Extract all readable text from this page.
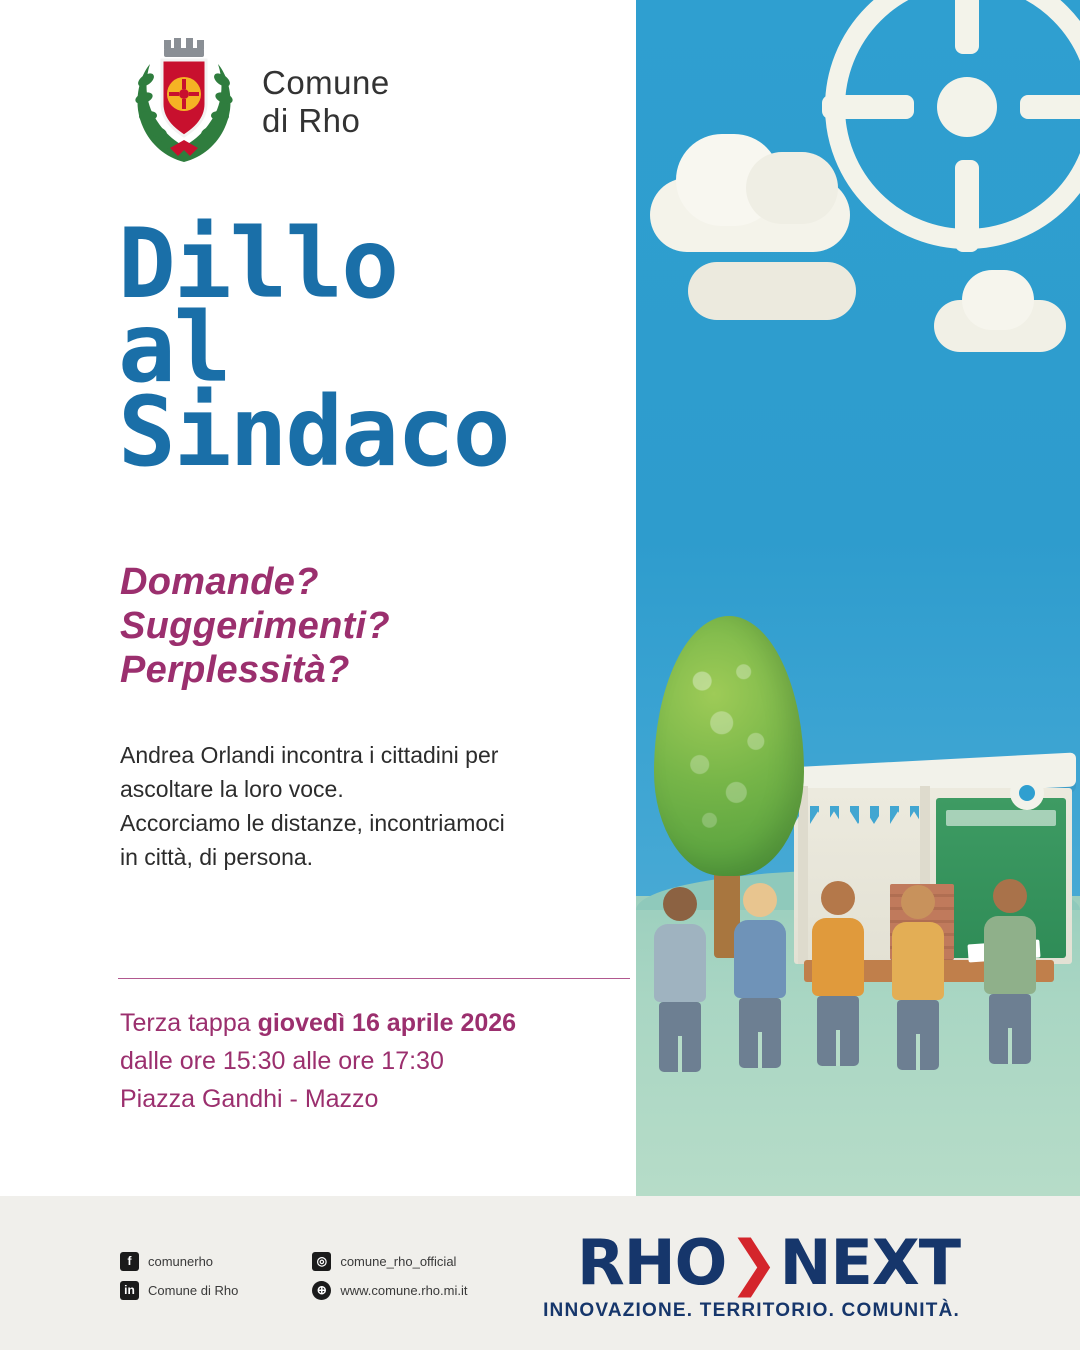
Comune
di Rho
Dillo
al
Sindaco
Domande?
Suggerimenti?
Perplessità?
Andrea Orlandi incontra i cittadini per
ascoltare la loro voce.
Accorciamo le distanze, incontriamoci
in città, di persona.
Terza tappa giovedì 16 aprile 2026
dalle ore 15:30 alle ore 17:30
Piazza Gandhi - Mazzo
f	comunerho	◎	comune_rho_official
in	Comune di Rho	⊕	www.comune.rho.mi.it RHO ❯ NEXT
INNOVAZIONE. TERRITORIO. COMUNITÀ.
